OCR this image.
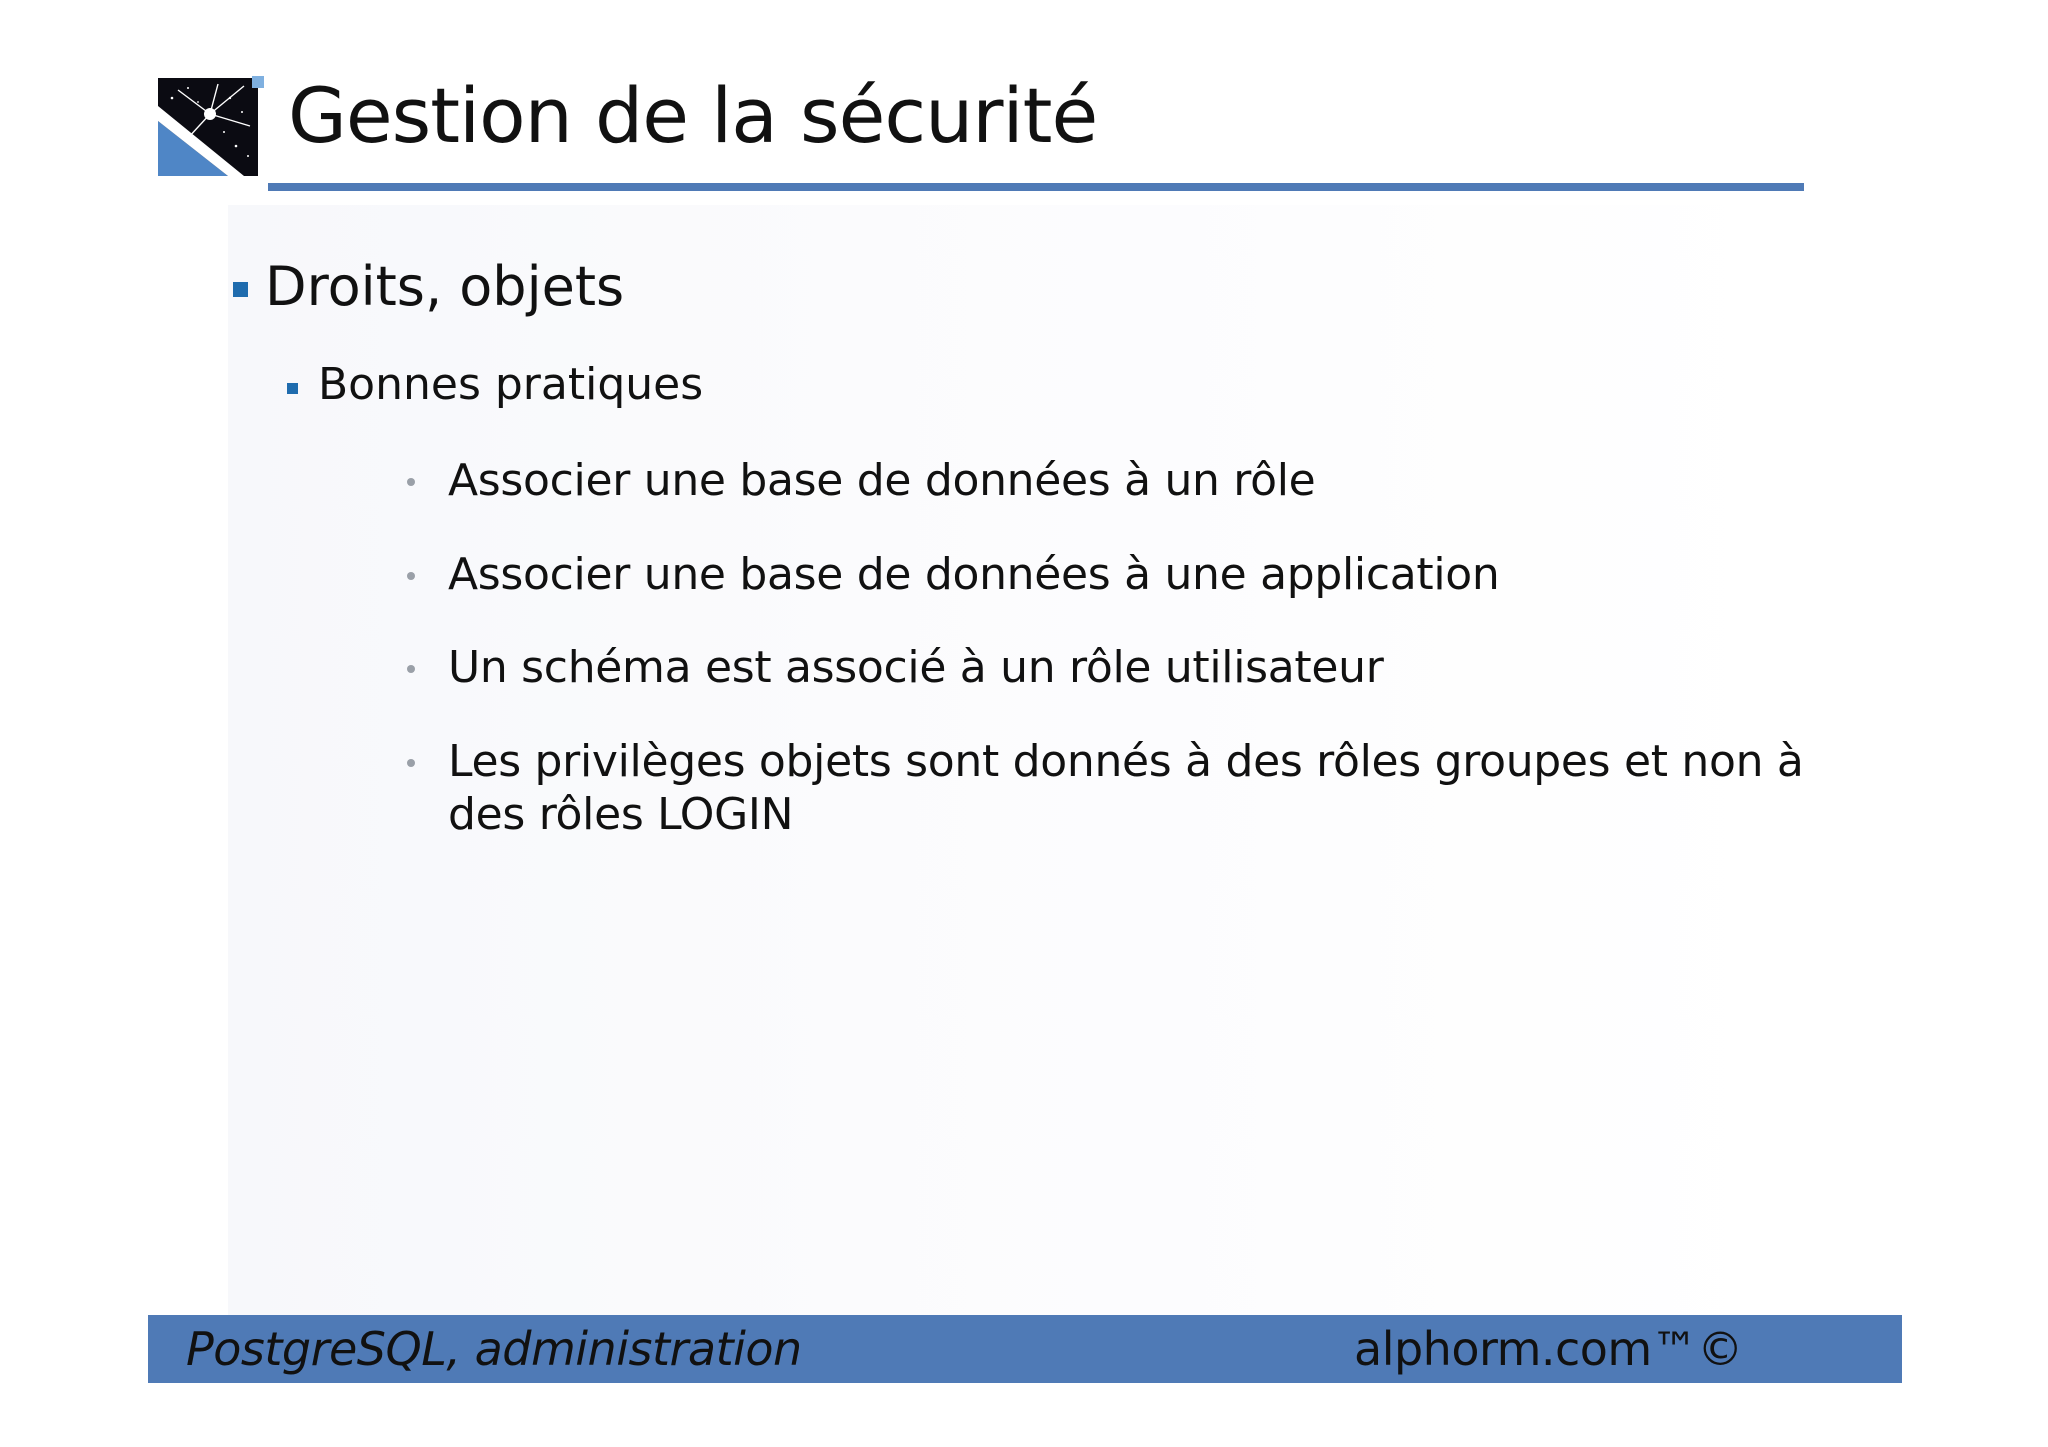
Gestion de la sécurité
Droits, objets
Bonnes pratiques
Associer une base de données à un rôle
Associer une base de données à une application
Un schéma est associé à un rôle utilisateur
Les privilèges objets sont donnés à des rôles groupes et non à des rôles LOGIN
PostgreSQL, administration	alphorm.com™©
